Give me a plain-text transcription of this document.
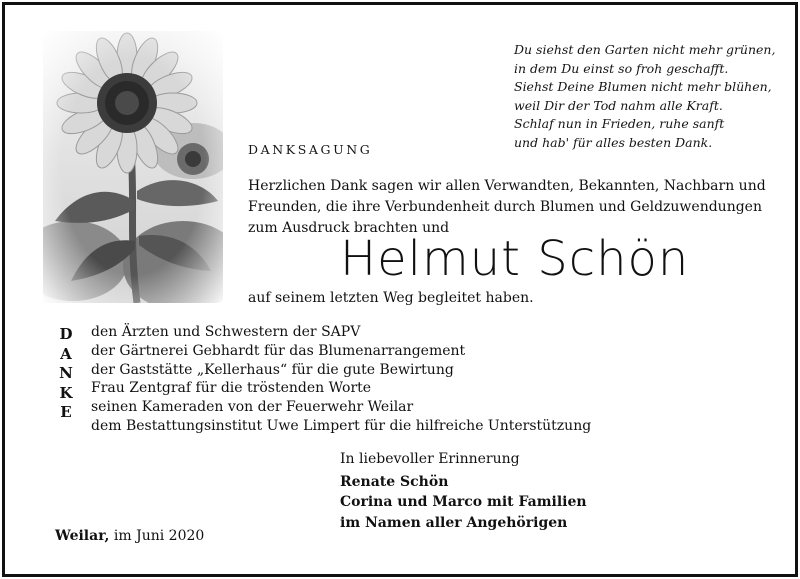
Du siehst den Garten nicht mehr grünen,
in dem Du einst so froh geschafft.
Siehst Deine Blumen nicht mehr blühen,
weil Dir der Tod nahm alle Kraft.
Schlaf nun in Frieden, ruhe sanft
und hab' für alles besten Dank.
DANKSAGUNG
Herzlichen Dank sagen wir allen Verwandten, Bekannten, Nachbarn und
Freunden, die ihre Verbundenheit durch Blumen und Geldzuwendungen
zum Ausdruck brachten und
Helmut Schön
auf seinem letzten Weg begleitet haben.
D
A
N
K
E
den Ärzten und Schwestern der SAPV
der Gärtnerei Gebhardt für das Blumenarrangement
der Gaststätte „Kellerhaus“ für die gute Bewirtung
Frau Zentgraf für die tröstenden Worte
seinen Kameraden von der Feuerwehr Weilar
dem Bestattungsinstitut Uwe Limpert für die hilfreiche Unterstützung
In liebevoller Erinnerung
Renate Schön
Corina und Marco mit Familien
im Namen aller Angehörigen
Weilar, im Juni 2020
